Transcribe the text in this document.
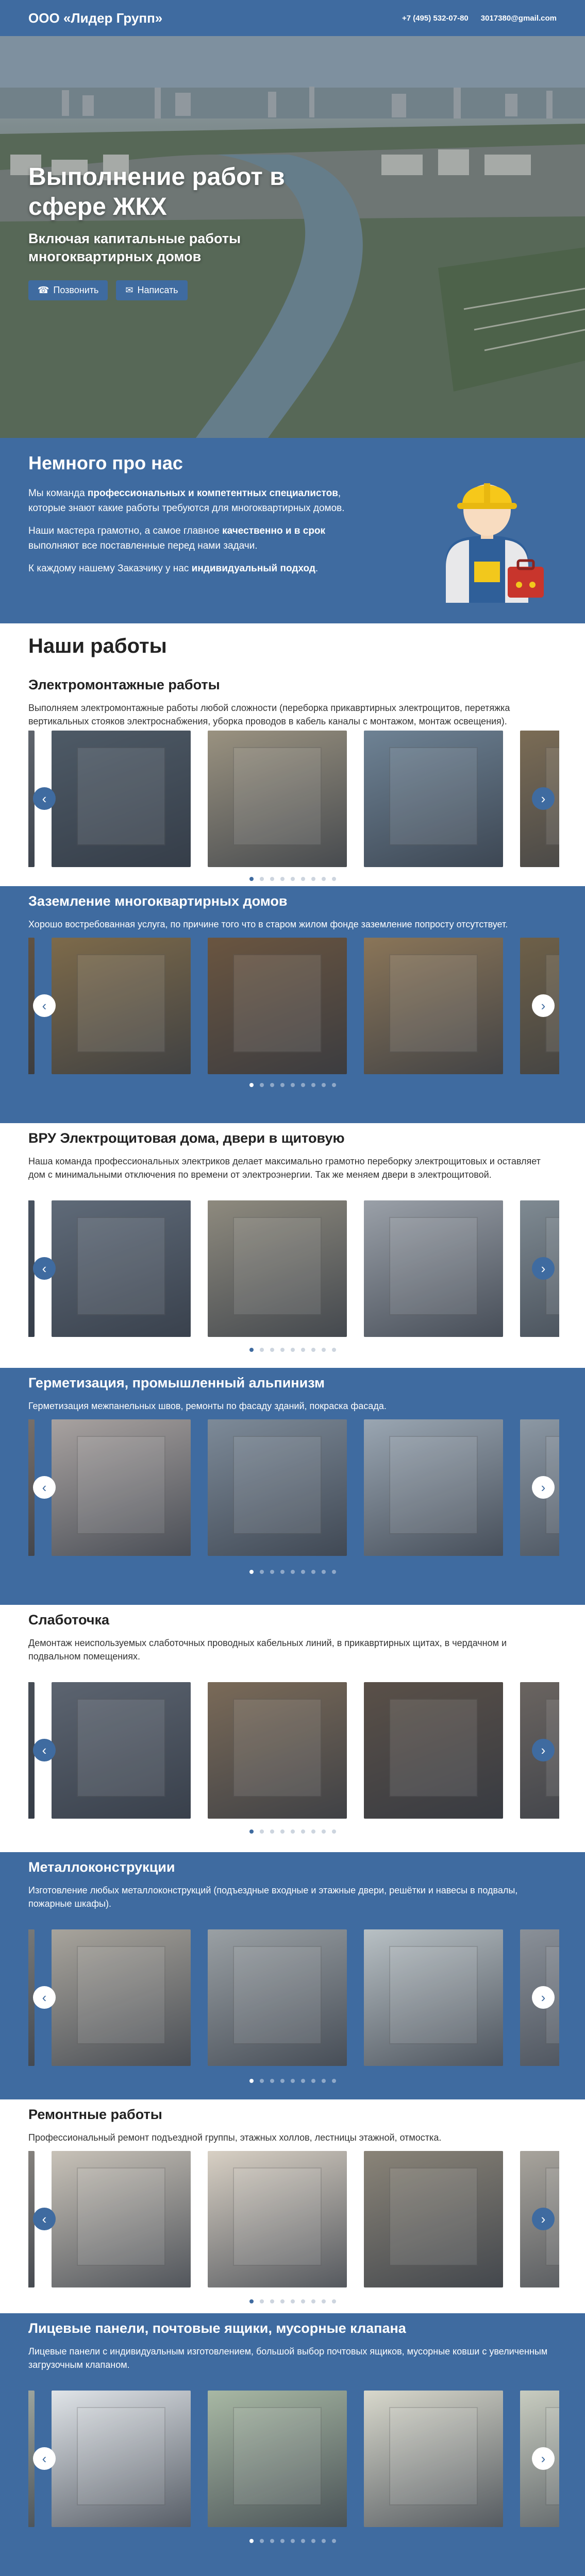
ООО «Лидер Групп»	+7 (495) 532-07-80 3017380@gmail.com
Выполнение работ в сфере ЖКХ
Включая капитальные работы многоквартирных домов
☎ Позвонить	✉ Написать
Немного про нас

Мы команда профессиональных и компетентных специалистов, которые знают какие работы требуются для многоквартирных домов.

Наши мастера грамотно, а самое главное качественно и в срок выполняют все поставленные перед нами задачи.

К каждому нашему Заказчику у нас индивидуальный подход.

Наши работы
Электромонтажные работы

Выполняем электромонтажные работы любой сложности (переборка прикавртирных электрощитов, перетяжка вертикальных стояков электроснабжения, уборка проводов в кабель каналы с монтажом, монтаж освещения).

‹	›
Заземление многоквартирных домов

Хорошо востребованная услуга, по причине того что в старом жилом фонде заземление попросту отсутствует.

‹	›
ВРУ Электрощитовая дома, двери в щитовую

Наша команда профессиональных электриков делает максимально грамотно переборку электрощитовых и оставляет дом с минимальными отключения по времени от электроэнергии. Так же меняем двери в электрощитовой.

‹	›
Герметизация, промышленный альпинизм

Герметизация межпанельных швов, ремонты по фасаду зданий, покраска фасада.

‹	›
Слаботочка

Демонтаж неиспользуемых слаботочных проводных кабельных линий, в прикавртирных щитах, в чердачном и подвальном помещениях.

‹	›
Металлоконструкции

Изготовление любых металлоконструкций (подъездные входные и этажные двери, решётки и навесы в подвалы, пожарные шкафы).

‹	›
Ремонтные работы

Профессиональный ремонт подъездной группы, этажных холлов, лестницы этажной, отмостка.

‹	›
Лицевые панели, почтовые ящики, мусорные клапана

Лицевые панели с индивидуальным изготовлением, большой выбор почтовых ящиков, мусорные ковши с увеличенным загрузочным клапаном.

‹	›
